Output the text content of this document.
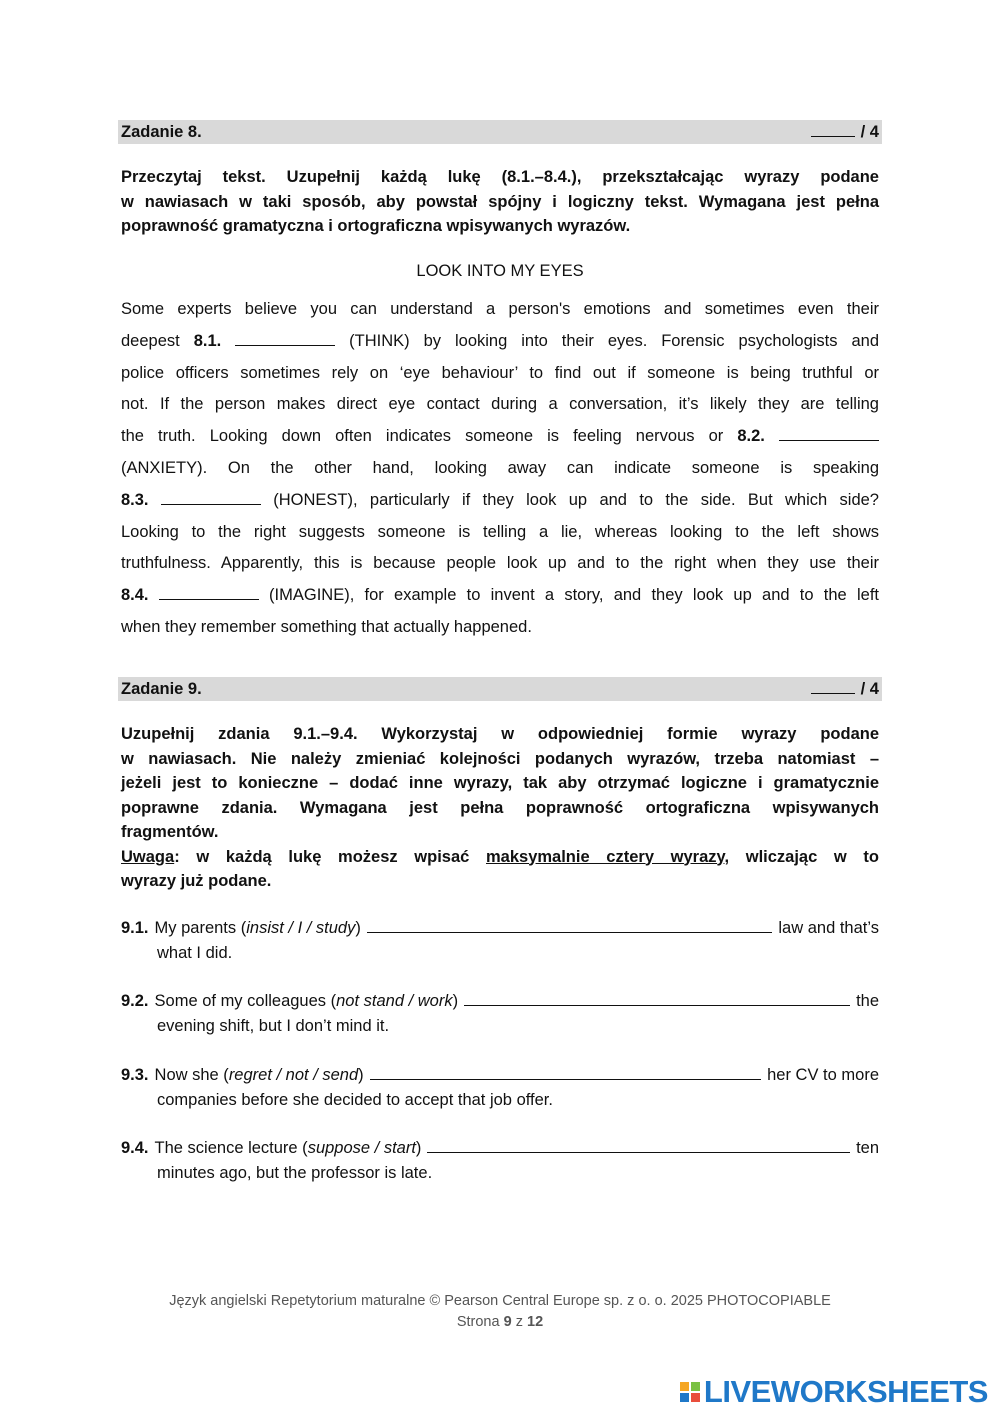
Zadanie 8.	/ 4
Przeczytaj tekst. Uzupełnij każdą lukę (8.1.–8.4.), przekształcając wyrazy podane
w nawiasach w taki sposób, aby powstał spójny i logiczny tekst. Wymagana jest pełna
poprawność gramatyczna i ortograficzna wpisywanych wyrazów.
LOOK INTO MY EYES
Some experts believe you can understand a person's emotions and sometimes even their
deepest 8.1.	(THINK) by looking into their eyes. Forensic psychologists and
police officers sometimes rely on ‘eye behaviour’ to find out if someone is being truthful or
not. If the person makes direct eye contact during a conversation, it’s likely they are telling
the truth. Looking down often indicates someone is feeling nervous or 8.2.
(ANXIETY). On the other hand, looking away can indicate someone is speaking
8.3.	(HONEST), particularly if they look up and to the side. But which side?
Looking to the right suggests someone is telling a lie, whereas looking to the left shows
truthfulness. Apparently, this is because people look up and to the right when they use their
8.4.	(IMAGINE), for example to invent a story, and they look up and to the left
when they remember something that actually happened.
Zadanie 9.	/ 4
Uzupełnij zdania 9.1.–9.4. Wykorzystaj w odpowiedniej formie wyrazy podane
w nawiasach. Nie należy zmieniać kolejności podanych wyrazów, trzeba natomiast –
jeżeli jest to konieczne – dodać inne wyrazy, tak aby otrzymać logiczne i gramatycznie
poprawne zdania. Wymagana jest pełna poprawność ortograficzna wpisywanych
fragmentów.
Uwaga: w każdą lukę możesz wpisać maksymalnie cztery wyrazy, wliczając w to
wyrazy już podane.
9.1. My parents ( insist / I / study )	law and that’s
what I did.
9.2. Some of my colleagues ( not stand / work )	the
evening shift, but I don’t mind it.
9.3. Now she ( regret / not / send )	her CV to more
companies before she decided to accept that job offer.
9.4. The science lecture ( suppose / start )	ten
minutes ago, but the professor is late.
Język angielski Repetytorium maturalne © Pearson Central Europe sp. z o. o. 2025 PHOTOCOPIABLE
Strona 9 z 12
LIVEWORKSHEETS
